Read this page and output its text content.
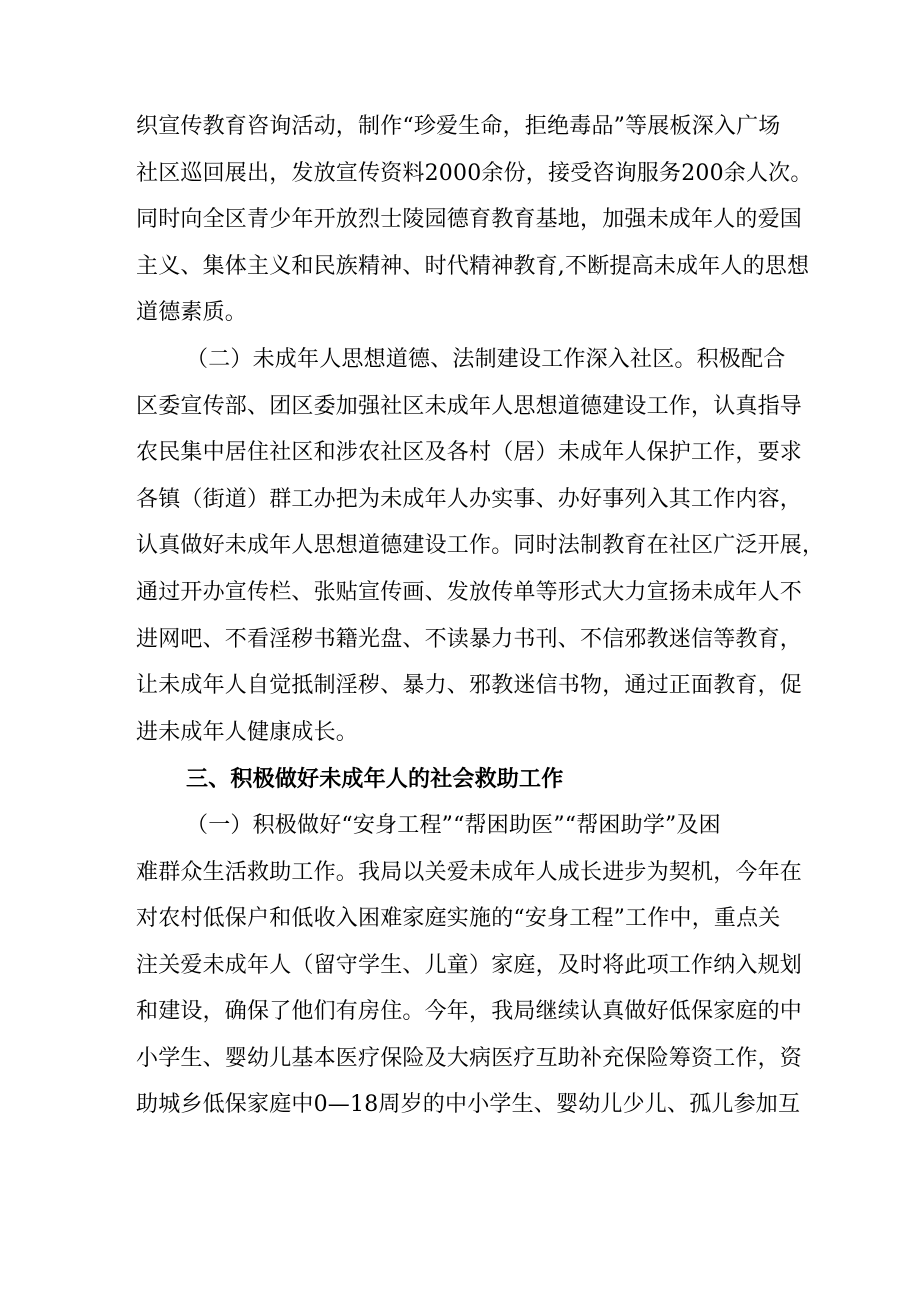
织宣传教育咨询活动，制作“珍爱生命，拒绝毒品”等展板深入广场
社区巡回展出，发放宣传资料2000余份，接受咨询服务200余人次。
同时向全区青少年开放烈士陵园德育教育基地，加强未成年人的爱国
主义、集体主义和民族精神、时代精神教育,不断提高未成年人的思想
道德素质。
（二）未成年人思想道德、法制建设工作深入社区。积极配合
区委宣传部、团区委加强社区未成年人思想道德建设工作，认真指导
农民集中居住社区和涉农社区及各村（居）未成年人保护工作，要求
各镇（街道）群工办把为未成年人办实事、办好事列入其工作内容，
认真做好未成年人思想道德建设工作。同时法制教育在社区广泛开展，
通过开办宣传栏、张贴宣传画、发放传单等形式大力宣扬未成年人不
进网吧、不看淫秽书籍光盘、不读暴力书刊、不信邪教迷信等教育，
让未成年人自觉抵制淫秽、暴力、邪教迷信书物，通过正面教育，促
进未成年人健康成长。
三、积极做好未成年人的社会救助工作
（一）积极做好“安身工程”“帮困助医”“帮困助学”及困
难群众生活救助工作。我局以关爱未成年人成长进步为契机，今年在
对农村低保户和低收入困难家庭实施的“安身工程”工作中，重点关
注关爱未成年人（留守学生、儿童）家庭，及时将此项工作纳入规划
和建设，确保了他们有房住。今年，我局继续认真做好低保家庭的中
小学生、婴幼儿基本医疗保险及大病医疗互助补充保险筹资工作，资
助城乡低保家庭中0—18周岁的中小学生、婴幼儿少儿、孤儿参加互
